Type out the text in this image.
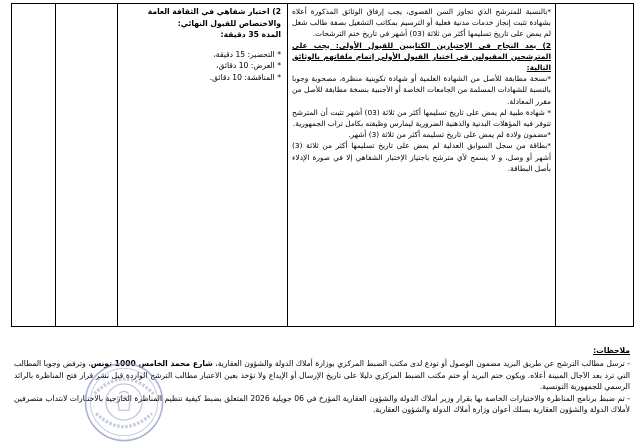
*بالنسبة للمترشح الذي تجاوز السن القصوى، يجب إرفاق الوثائق المذكورة أعلاه بشهادة تثبت إنجاز خدمات مدنية فعلية أو الترسيم بمكاتب التشغيل بصفة طالب شغل لم يمض على تاريخ تسليمها أكثر من ثلاثة (03) أشهر في تاريخ ختم الترشحات.

2) بعد النجاح في الإختبارين الكتابيين للقبول الأولي: يجب على المترشحين المقبولين في اختبار القبول الأولي إتمام ملفاتهم بالوثائق التالية:

*نسخة مطابقة للأصل من الشهادة العلمية أو شهادة تكوينية منظرة، مصحوبة وجوبا بالنسبة للشهادات المسلمة من الجامعات الخاصة أو الأجنبية بنسخة مطابقة للأصل من مقرر المعادلة.

* شهادة طبية لم يمض على تاريخ تسليمها أكثر من ثلاثة (03) أشهر تثبت أن المترشح تتوفر فيه المؤهلات البدنية والذهنية الضرورية ليمارس وظيفته بكامل تراب الجمهورية.

*مضمون ولادة لم يمض على تاريخ تسليمه أكثر من ثلاثة (3) أشهر.

*بطاقة من سجل السوابق العدلية لم يمض على تاريخ تسليمها أكثر من ثلاثة (3) أشهر أو وصل، و لا يسمح لأي مترشح باجتياز الإختبار الشفاهي إلا في صورة الإدلاء بأصل البطاقة.

2) اختبار شفاهي في الثقافة العامة والاختصاص للقبول النهائي:

المدة 35 دقيقة:

* التحضير: 15 دقيقة،

* العرض: 10 دقائق،

* المناقشة: 10 دقائق.

ملاحظات:

- ترسل مطالب الترشح عن طريق البريد مضمون الوصول أو تودع لدى مكتب الضبط المركزي بوزارة أملاك الدولة والشؤون العقارية، شارع محمد الخامس 1000 تونس، وترفض وجوبا المطالب التي ترد بعد الآجال المبينة أعلاه. ويكون ختم البريد أو ختم مكتب الضبط المركزي دليلا على تاريخ الإرسال أو الإيداع ولا تؤخذ بعين الاعتبار مطالب الترشح الواردة قبل نشر قرار فتح المناظرة بالرائد الرسمي للجمهورية التونسية.

- تم ضبط برنامج المناظرة والاختبارات الخاصة بها بقرار وزير أملاك الدولة والشؤون العقارية المؤرخ في 06 جويلية 2026 المتعلق بضبط كيفية تنظيم المناظرة الخارجية بالاختبارات لانتداب متصرفين لأملاك الدولة والشؤون العقارية بسلك أعوان وزارة أملاك الدولة والشؤون العقارية.
